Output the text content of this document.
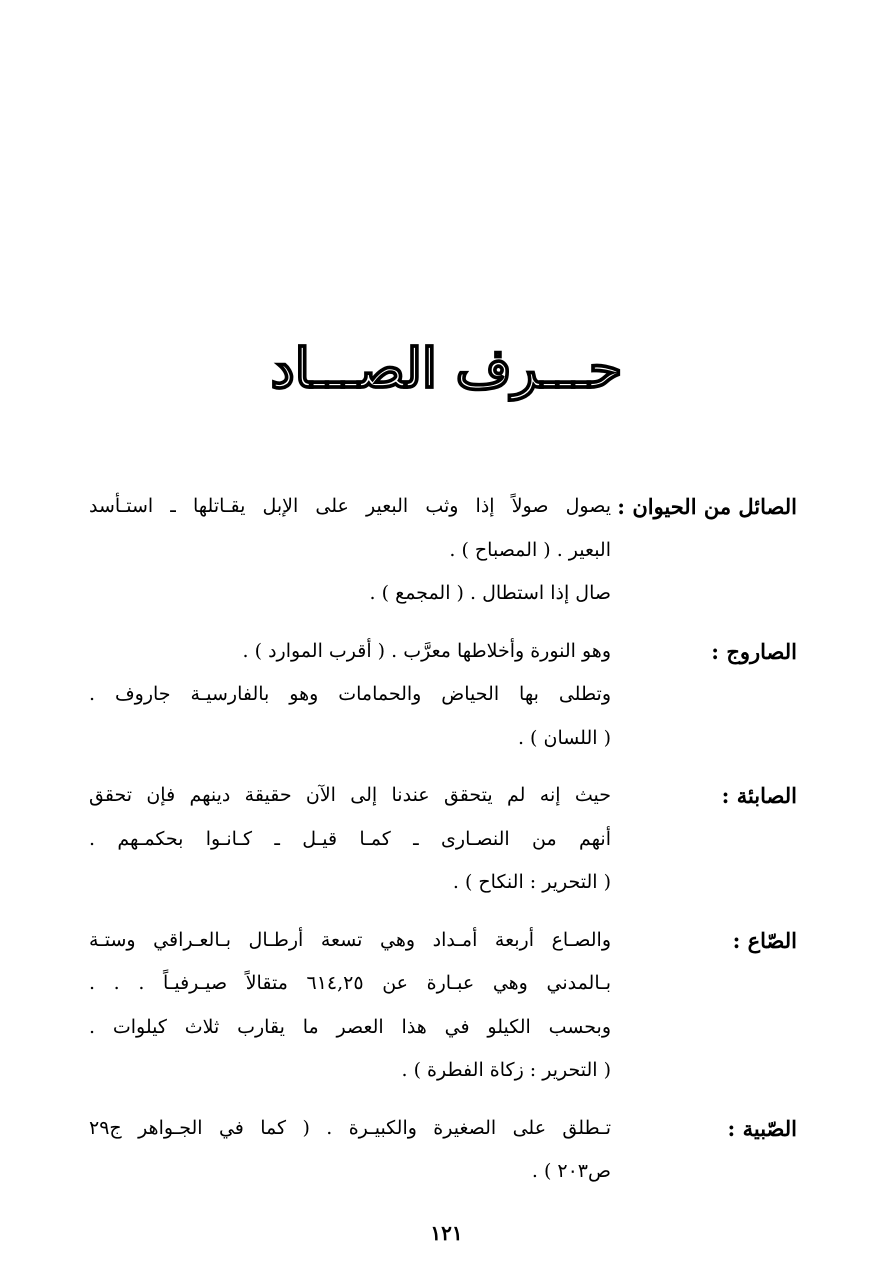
حـــرف الصـــاد
الصائل من الحيوان :
يصول صولاً إذا وثب البعير على الإبل يقـاتلها ـ استـأسد
البعير . ( المصباح ) .
صال إذا استطال . ( المجمع ) .
الصاروج :
وهو النورة وأخلاطها معرَّب . ( أقرب الموارد ) .
وتطلى بها الحياض والحمامات وهو بالفارسيـة جاروف .
( اللسان ) .
الصابئة :
حيث إنه لم يتحقق عندنا إلى الآن حقيقة دينهم فإن تحقق
أنهم من النصـارى ـ كمـا قيـل ـ كـانـوا بحكمـهم .
( التحرير : النكاح ) .
الصّاع :
والصـاع أربعة أمـداد وهي تسعة أرطـال بـالعـراقي وستـة
بـالمدني وهي عبـارة عن ٦١٤,٢٥ متقالاً صيـرفيـاً . . .
وبحسب الكيلو في هذا العصر ما يقارب ثلاث كيلوات .
( التحرير : زكاة الفطرة ) .
الصّبية :
تـطلق على الصغيرة والكبيـرة . ( كما في الجـواهر ج٢٩
ص٢٠٣ ) .
١٢١
